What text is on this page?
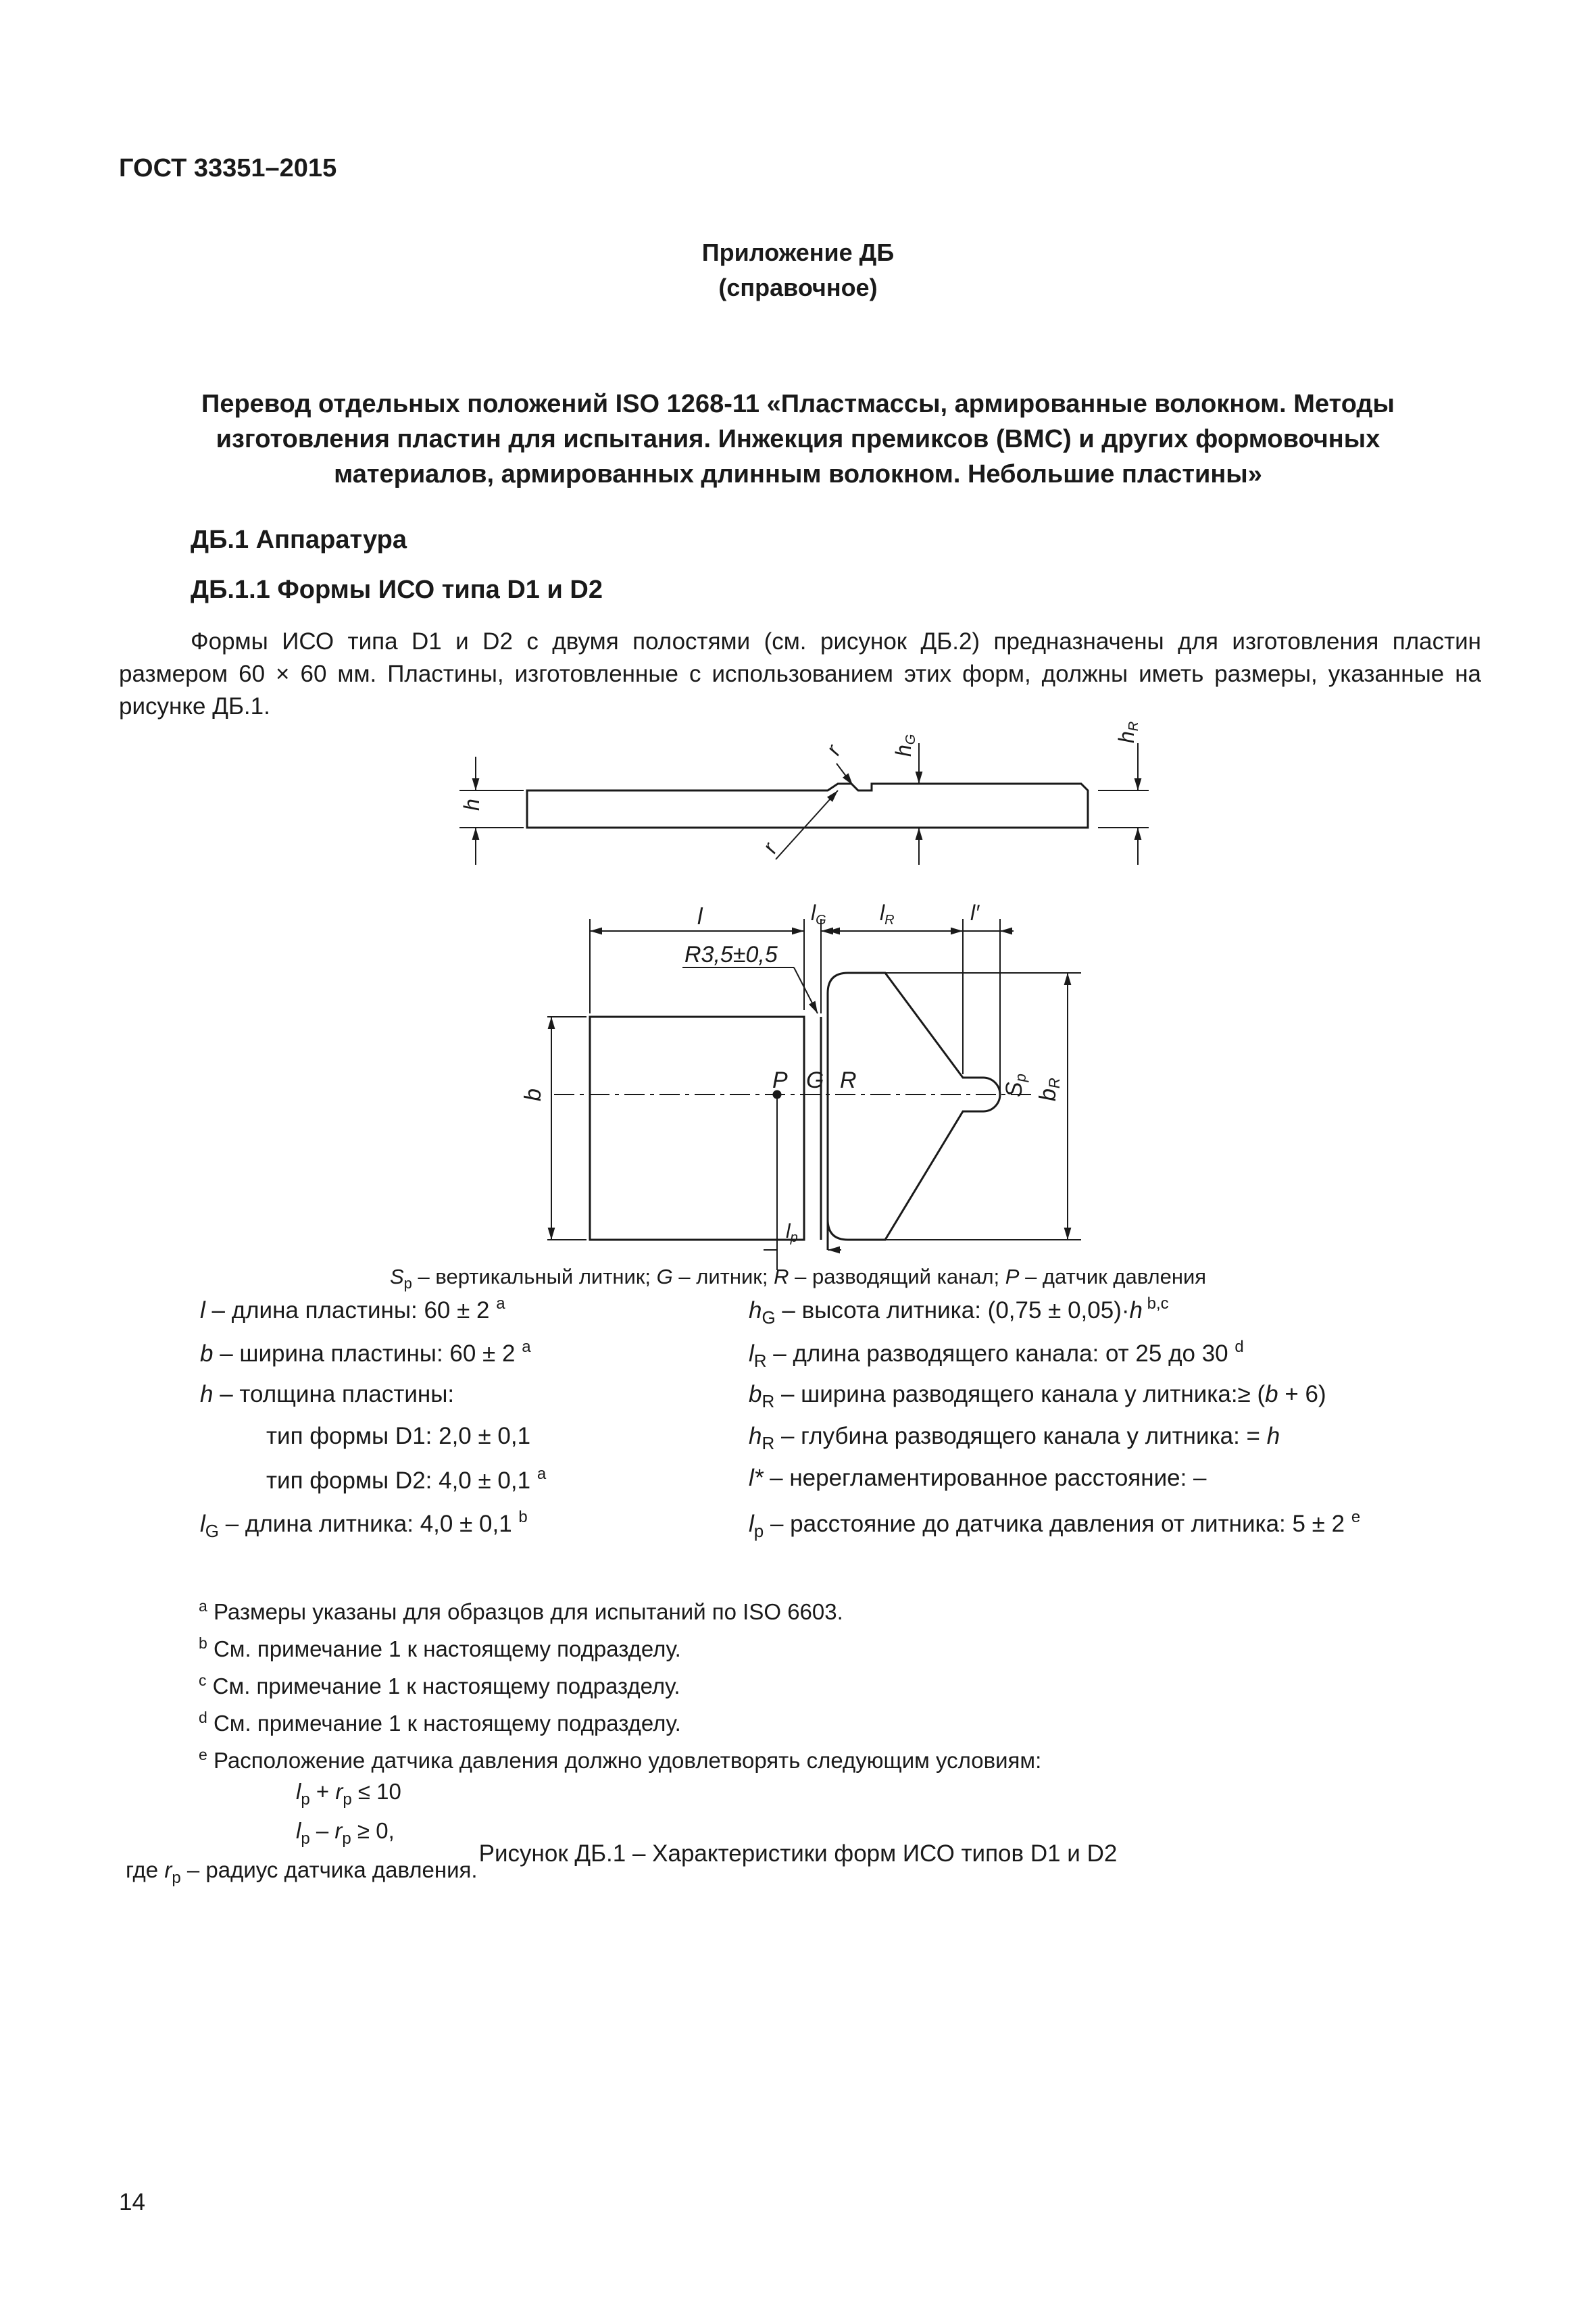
ГОСТ 33351–2015
Приложение ДБ
(справочное)
Перевод отдельных положений ISO 1268-11 «Пластмассы, армированные волокном. Методы
изготовления пластин для испытания. Инжекция премиксов (BMC) и других формовочных
материалов, армированных длинным волокном. Небольшие пластины»
ДБ.1 Аппаратура
ДБ.1.1 Формы ИСО типа D1 и D2

Формы ИСО типа D1 и D2 с двумя полостями (см. рисунок ДБ.2) предназначены для изготовления пластин размером 60 × 60 мм. Пластины, изготовленные с использованием этих форм, должны иметь размеры, указанные на рисунке ДБ.1.

h
r
r hG	hR
l	lG lR	l′
R3,5±0,5
P G R	Sp
b	bR
$l_p$
$S_p$ – вертикальный литник; G – литник; R – разводящий канал; P – датчик давления
l – длина пластины: 60 ± 2 $^a$
b – ширина пластины: 60 ± 2 $^a$
h – толщина пластины:
тип формы D1: 2,0 ± 0,1
тип формы D2: 4,0 ± 0,1 $^a$
$l_G$ – длина литника: 4,0 ± 0,1 $^b$
$h_G$ – высота литника: (0,75 ± 0,05)·h $^{b,c}$
$l_R$ – длина разводящего канала: от 25 до 30 $^d$
$b_R$ – ширина разводящего канала у литника:≥ (b + 6)
$h_R$ – глубина разводящего канала у литника: = h
l* – нерегламентированное расстояние: –
$l_p$ – расстояние до датчика давления от литника: 5 ± 2 $^e$
$^a$ Размеры указаны для образцов для испытаний по ISO 6603.
$^b$ См. примечание 1 к настоящему подразделу.
$^c$ См. примечание 1 к настоящему подразделу.
$^d$ См. примечание 1 к настоящему подразделу.
$^e$ Расположение датчика давления должно удовлетворять следующим условиям:
$l_p + r_p \le 10$
$l_p - r_p \ge 0$,
где $r_p$ – радиус датчика давления.
Рисунок ДБ.1 – Характеристики форм ИСО типов D1 и D2
14
